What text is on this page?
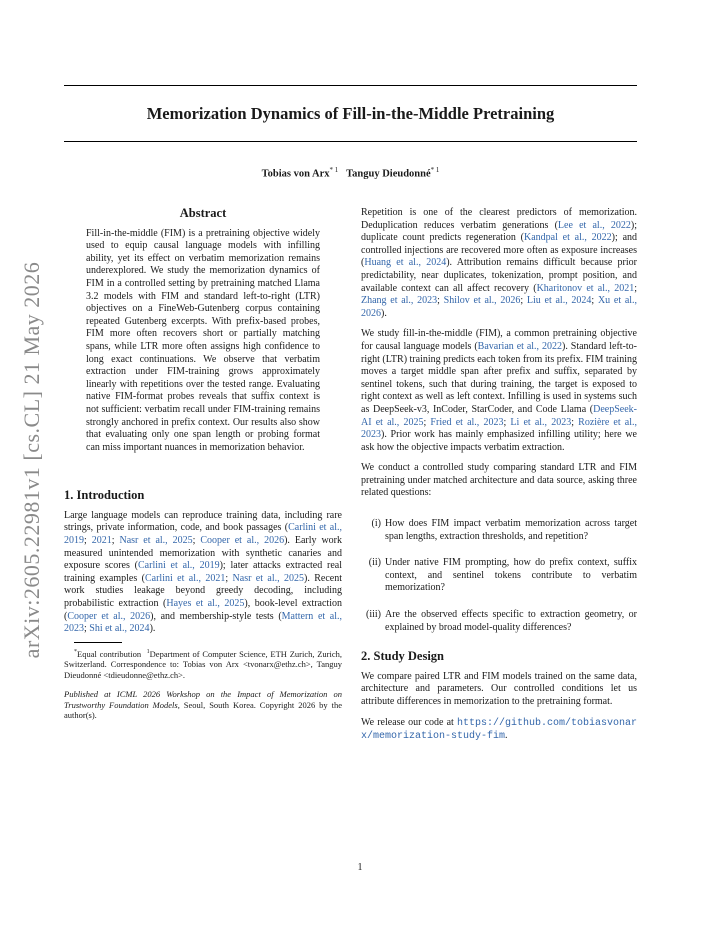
Memorization Dynamics of Fill-in-the-Middle Pretraining
Tobias von Arx$^{* 1}$ Tanguy Dieudonné$^{* 1}$
arXiv:2605.22981v1 [cs.CL] 21 May 2026
Abstract

Fill-in-the-middle (FIM) is a pretraining objective widely used to equip causal language models with infilling ability, yet its effect on verbatim memorization remains underexplored. We study the memorization dynamics of FIM in a controlled setting by pretraining matched Llama 3.2 models with FIM and standard left-to-right (LTR) objectives on a FineWeb-Gutenberg corpus containing repeated Gutenberg excerpts. With prefix-based probes, FIM more often recovers short or partially matching spans, while LTR more often assigns high confidence to long exact continuations. We observe that verbatim extraction under FIM-training grows approximately linearly with repetitions over the tested range. Evaluating native FIM-format probes reveals that suffix context is not sufficient: verbatim recall under FIM-training remains strongly anchored in prefix context. Our results also show that evaluating only one span length or probing format can miss important nuances in memorization behavior.

1. Introduction

Large language models can reproduce training data, including rare strings, private information, code, and book passages (Carlini et al., 2019; 2021; Nasr et al., 2025; Cooper et al., 2026). Early work measured unintended memorization with synthetic canaries and exposure scores (Carlini et al., 2019); later attacks extracted real training examples (Carlini et al., 2021; Nasr et al., 2025). Recent work studies leakage beyond greedy decoding, including probabilistic extraction (Hayes et al., 2025), book-level extraction (Cooper et al., 2026), and membership-style tests (Mattern et al., 2023; Shi et al., 2024).

*Equal contribution $^1$Department of Computer Science, ETH Zurich, Zurich, Switzerland. Correspondence to: Tobias von Arx <tvonarx@ethz.ch>, Tanguy Dieudonné <tdieudonne@ethz.ch>.

Published at ICML 2026 Workshop on the Impact of Memorization on Trustworthy Foundation Models, Seoul, South Korea. Copyright 2026 by the author(s).

Repetition is one of the clearest predictors of memorization. Deduplication reduces verbatim generations (Lee et al., 2022); duplicate count predicts regeneration (Kandpal et al., 2022); and controlled injections are recovered more often as exposure increases (Huang et al., 2024). Attribution remains difficult because prior predictability, near duplicates, tokenization, prompt position, and available context can all affect recovery (Kharitonov et al., 2021; Zhang et al., 2023; Shilov et al., 2026; Liu et al., 2024; Xu et al., 2026).

We study fill-in-the-middle (FIM), a common pretraining objective for causal language models (Bavarian et al., 2022). Standard left-to-right (LTR) training predicts each token from its prefix. FIM training moves a target middle span after prefix and suffix, separated by sentinel tokens, such that during training, the target is exposed to right context as well as left context. Infilling is used in systems such as DeepSeek-v3, InCoder, StarCoder, and Code Llama (DeepSeek-AI et al., 2025; Fried et al., 2023; Li et al., 2023; Rozière et al., 2023). Prior work has mainly emphasized infilling utility; here we ask how the objective impacts verbatim extraction.

We conduct a controlled study comparing standard LTR and FIM pretraining under matched architecture and data source, asking three related questions:

(i) How does FIM impact verbatim memorization across target span lengths, extraction thresholds, and repetition?
(ii) Under native FIM prompting, how do prefix context, suffix context, and sentinel tokens contribute to verbatim memorization?
(iii) Are the observed effects specific to extraction geometry, or explained by broad model-quality differences?
2. Study Design

We compare paired LTR and FIM models trained on the same data, architecture and parameters. Our controlled conditions let us attribute differences in memorization to the pretraining format.

We release our code at https://github.com/tobiasvonarx/memorization-study-fim.

1
